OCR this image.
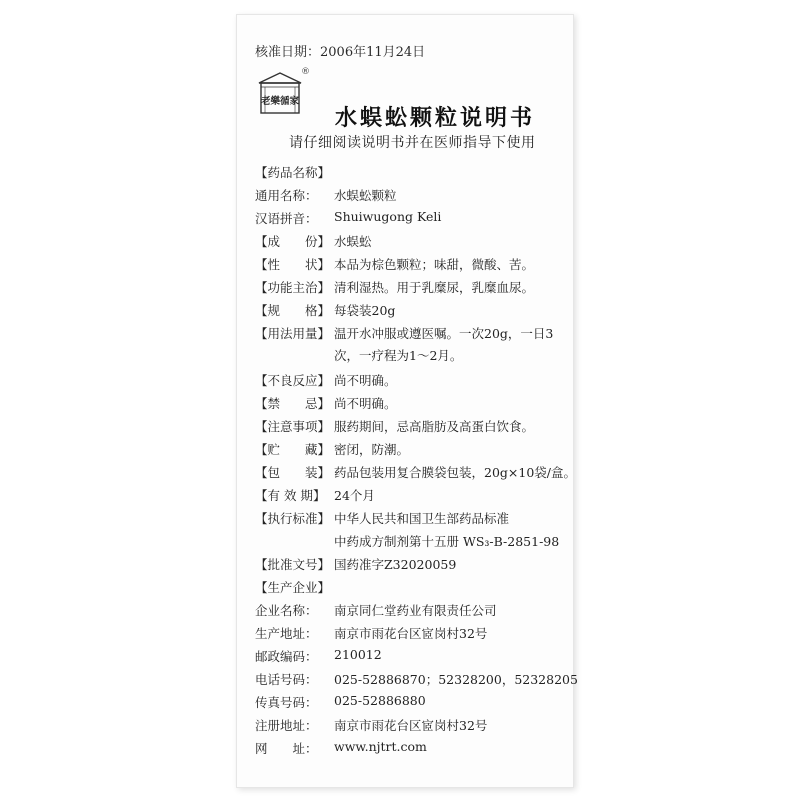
核准日期：2006年11月24日
老樂循家
®
水蜈蚣颗粒说明书
请仔细阅读说明书并在医师指导下使用
【药品名称】
通用名称：	水蜈蚣颗粒
汉语拼音：	Shuiwugong Keli
【成　　份】 水蜈蚣
【性　　状】 本品为棕色颗粒；味甜，微酸、苦。
【功能主治】 清利湿热。用于乳糜尿，乳糜血尿。
【规　　格】 每袋装20g
【用法用量】 温开水冲服或遵医嘱。一次20g，一日3
次，一疗程为1～2月。
【不良反应】 尚不明确。
【禁　　忌】 尚不明确。
【注意事项】 服药期间，忌高脂肪及高蛋白饮食。
【贮　　藏】 密闭，防潮。
【包　　装】 药品包装用复合膜袋包装，20g×10袋/盒。
【有 效 期】 24个月
【执行标准】 中华人民共和国卫生部药品标准
中药成方制剂第十五册 WS₃-B-2851-98
【批准文号】 国药准字Z32020059
【生产企业】
企业名称：	南京同仁堂药业有限责任公司
生产地址：	南京市雨花台区宧岗村32号
邮政编码：	210012
电话号码：	025-52886870；52328200，52328205
传真号码：	025-52886880
注册地址：	南京市雨花台区宧岗村32号
网　　址：	www.njtrt.com
